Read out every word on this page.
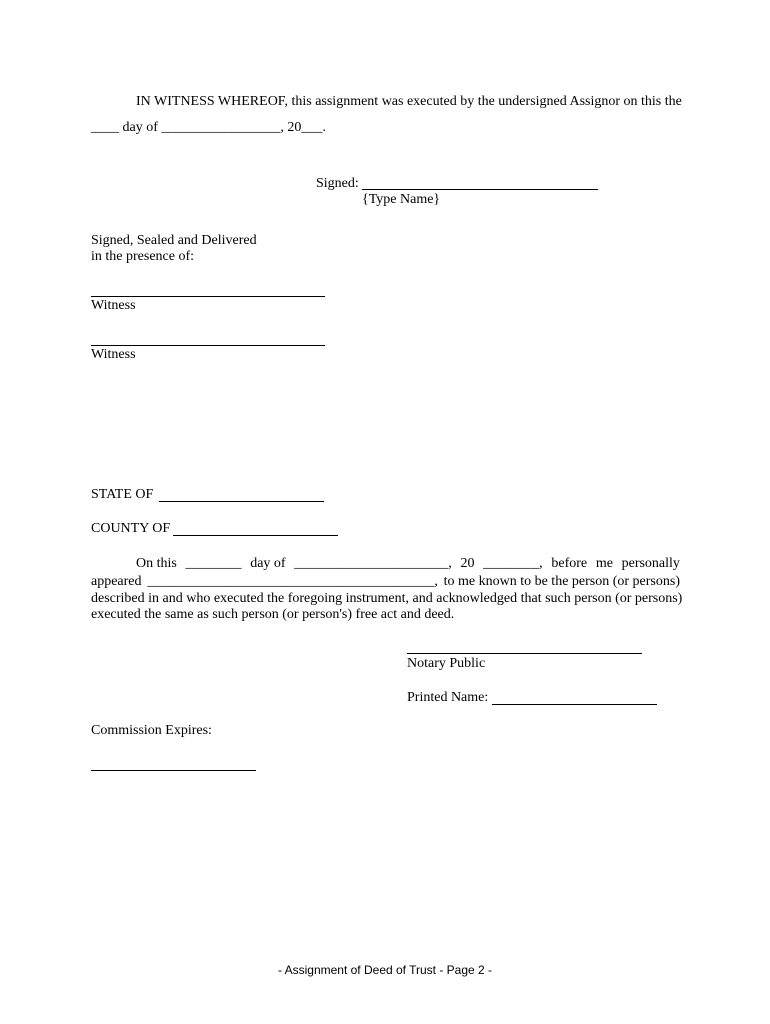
IN WITNESS WHEREOF, this assignment was executed by the undersigned Assignor on this the
____ day of _________________, 20___.
Signed:
{Type Name}
Signed, Sealed and Delivered
in the presence of:
Witness
Witness
STATE OF
COUNTY OF
On this ________ day of ______________________, 20 ________, before me personally
appeared _________________________________________, to me known to be the person (or persons)
described in and who executed the foregoing instrument, and acknowledged that such person (or persons)
executed the same as such person (or person's) free act and deed.
Notary Public
Printed Name:
Commission Expires:
- Assignment of Deed of Trust - Page 2 -
